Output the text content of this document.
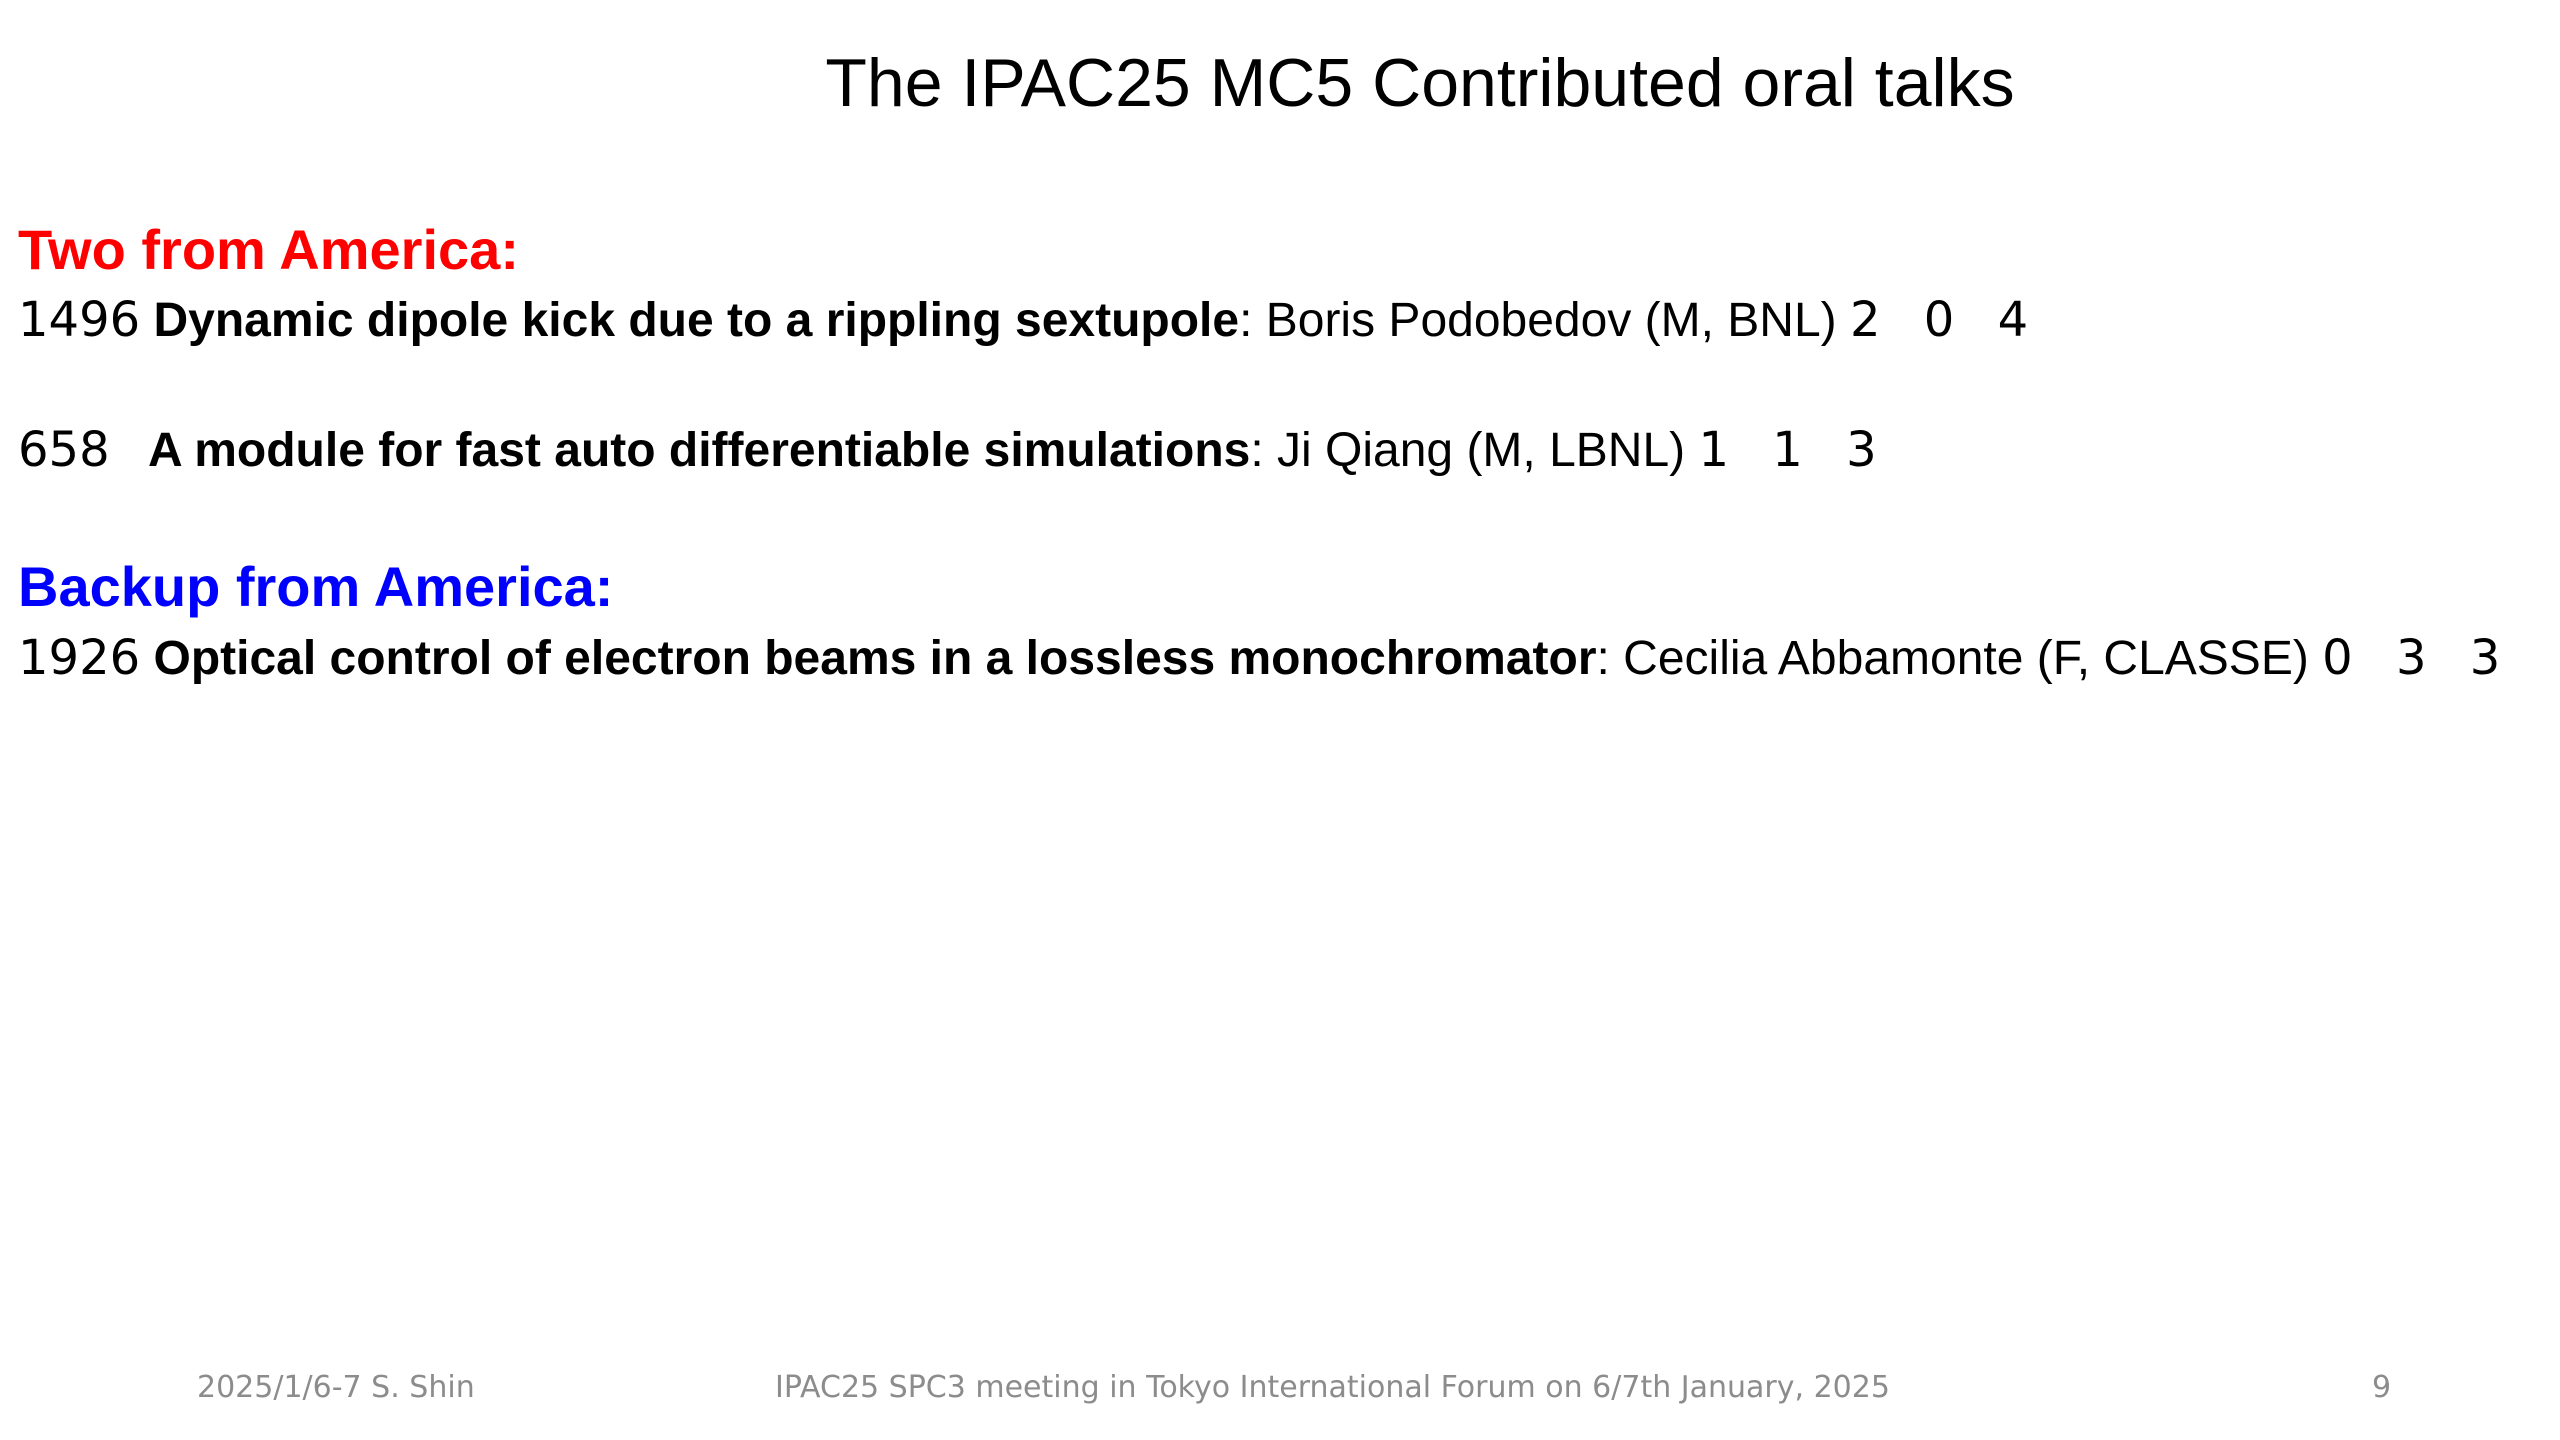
The IPAC25 MC5 Contributed oral talks
Two from America:
1496 Dynamic dipole kick due to a rippling sextupole: Boris Podobedov (M, BNL) 2 0 4
658 A module for fast auto differentiable simulations: Ji Qiang (M, LBNL) 1 1 3
Backup from America:
1926 Optical control of electron beams in a lossless monochromator: Cecilia Abbamonte (F, CLASSE) 0 3 3
2025/1/6-7 S. Shin	IPAC25 SPC3 meeting in Tokyo International Forum on 6/7th January, 2025	9
